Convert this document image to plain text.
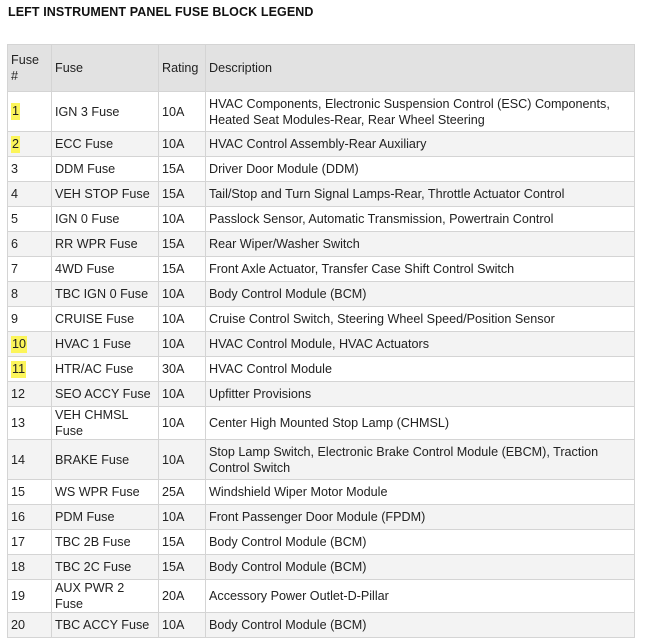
LEFT INSTRUMENT PANEL FUSE BLOCK LEGEND
Fuse #	Fuse	Rating	Description
1	IGN 3 Fuse	10A	HVAC Components, Electronic Suspension Control (ESC) Components, Heated Seat Modules-Rear, Rear Wheel Steering
2	ECC Fuse	10A	HVAC Control Assembly-Rear Auxiliary
3	DDM Fuse	15A	Driver Door Module (DDM)
4	VEH STOP Fuse	15A	Tail/Stop and Turn Signal Lamps-Rear, Throttle Actuator Control
5	IGN 0 Fuse	10A	Passlock Sensor, Automatic Transmission, Powertrain Control
6	RR WPR Fuse	15A	Rear Wiper/Washer Switch
7	4WD Fuse	15A	Front Axle Actuator, Transfer Case Shift Control Switch
8	TBC IGN 0 Fuse	10A	Body Control Module (BCM)
9	CRUISE Fuse	10A	Cruise Control Switch, Steering Wheel Speed/Position Sensor
10	HVAC 1 Fuse	10A	HVAC Control Module, HVAC Actuators
11	HTR/AC Fuse	30A	HVAC Control Module
12	SEO ACCY Fuse	10A	Upfitter Provisions
13	VEH CHMSL Fuse	10A	Center High Mounted Stop Lamp (CHMSL)
14	BRAKE Fuse	10A	Stop Lamp Switch, Electronic Brake Control Module (EBCM), Traction Control Switch
15	WS WPR Fuse	25A	Windshield Wiper Motor Module
16	PDM Fuse	10A	Front Passenger Door Module (FPDM)
17	TBC 2B Fuse	15A	Body Control Module (BCM)
18	TBC 2C Fuse	15A	Body Control Module (BCM)
19	AUX PWR 2 Fuse	20A	Accessory Power Outlet-D-Pillar
20	TBC ACCY Fuse	10A	Body Control Module (BCM)
